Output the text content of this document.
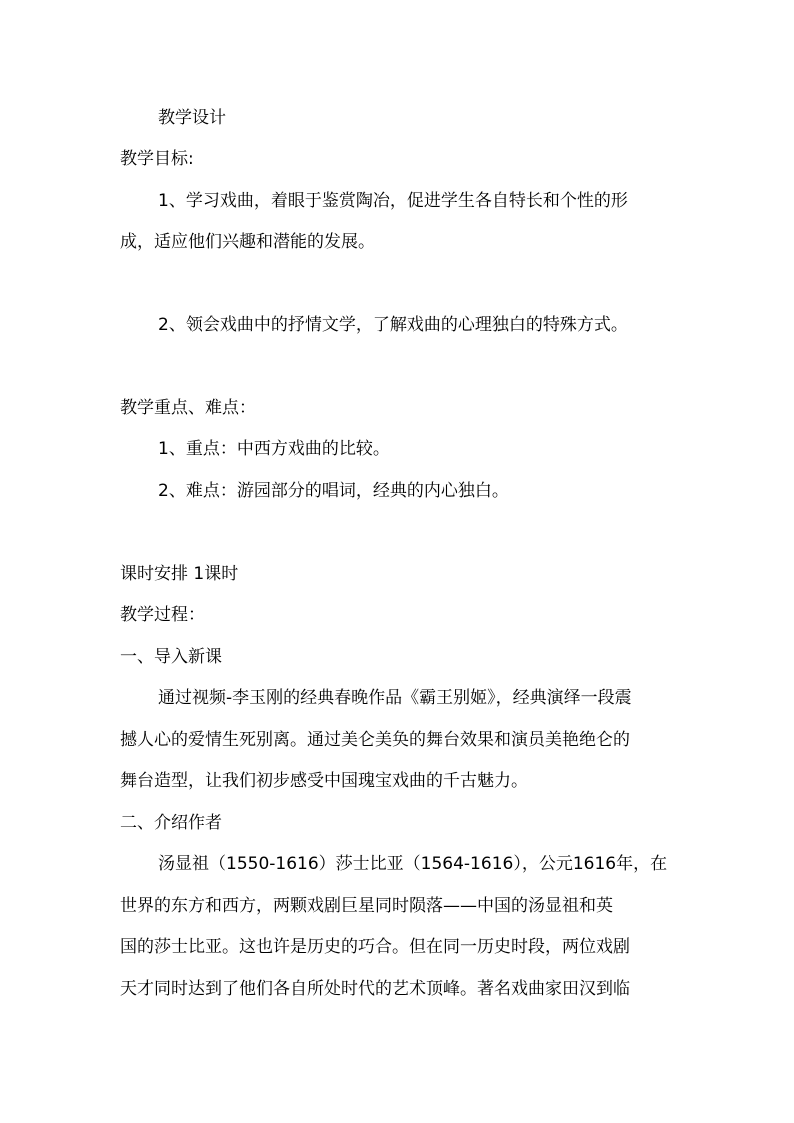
教学设计
教学目标:
1、学习戏曲，着眼于鉴赏陶冶，促进学生各自特长和个性的形
成，适应他们兴趣和潜能的发展。
2、领会戏曲中的抒情文学，了解戏曲的心理独白的特殊方式。
教学重点、难点：
1、重点：中西方戏曲的比较。
2、难点：游园部分的唱词，经典的内心独白。
课时安排 1课时
教学过程：
一、导入新课
通过视频-李玉刚的经典春晚作品《霸王别姬》，经典演绎一段震
撼人心的爱情生死别离。通过美仑美奂的舞台效果和演员美艳绝仑的
舞台造型，让我们初步感受中国瑰宝戏曲的千古魅力。
二、介绍作者
汤显祖（1550-1616）莎士比亚（1564-1616），公元1616年，在
世界的东方和西方，两颗戏剧巨星同时陨落——中国的汤显祖和英
国的莎士比亚。这也许是历史的巧合。但在同一历史时段，两位戏剧
天才同时达到了他们各自所处时代的艺术顶峰。著名戏曲家田汉到临
